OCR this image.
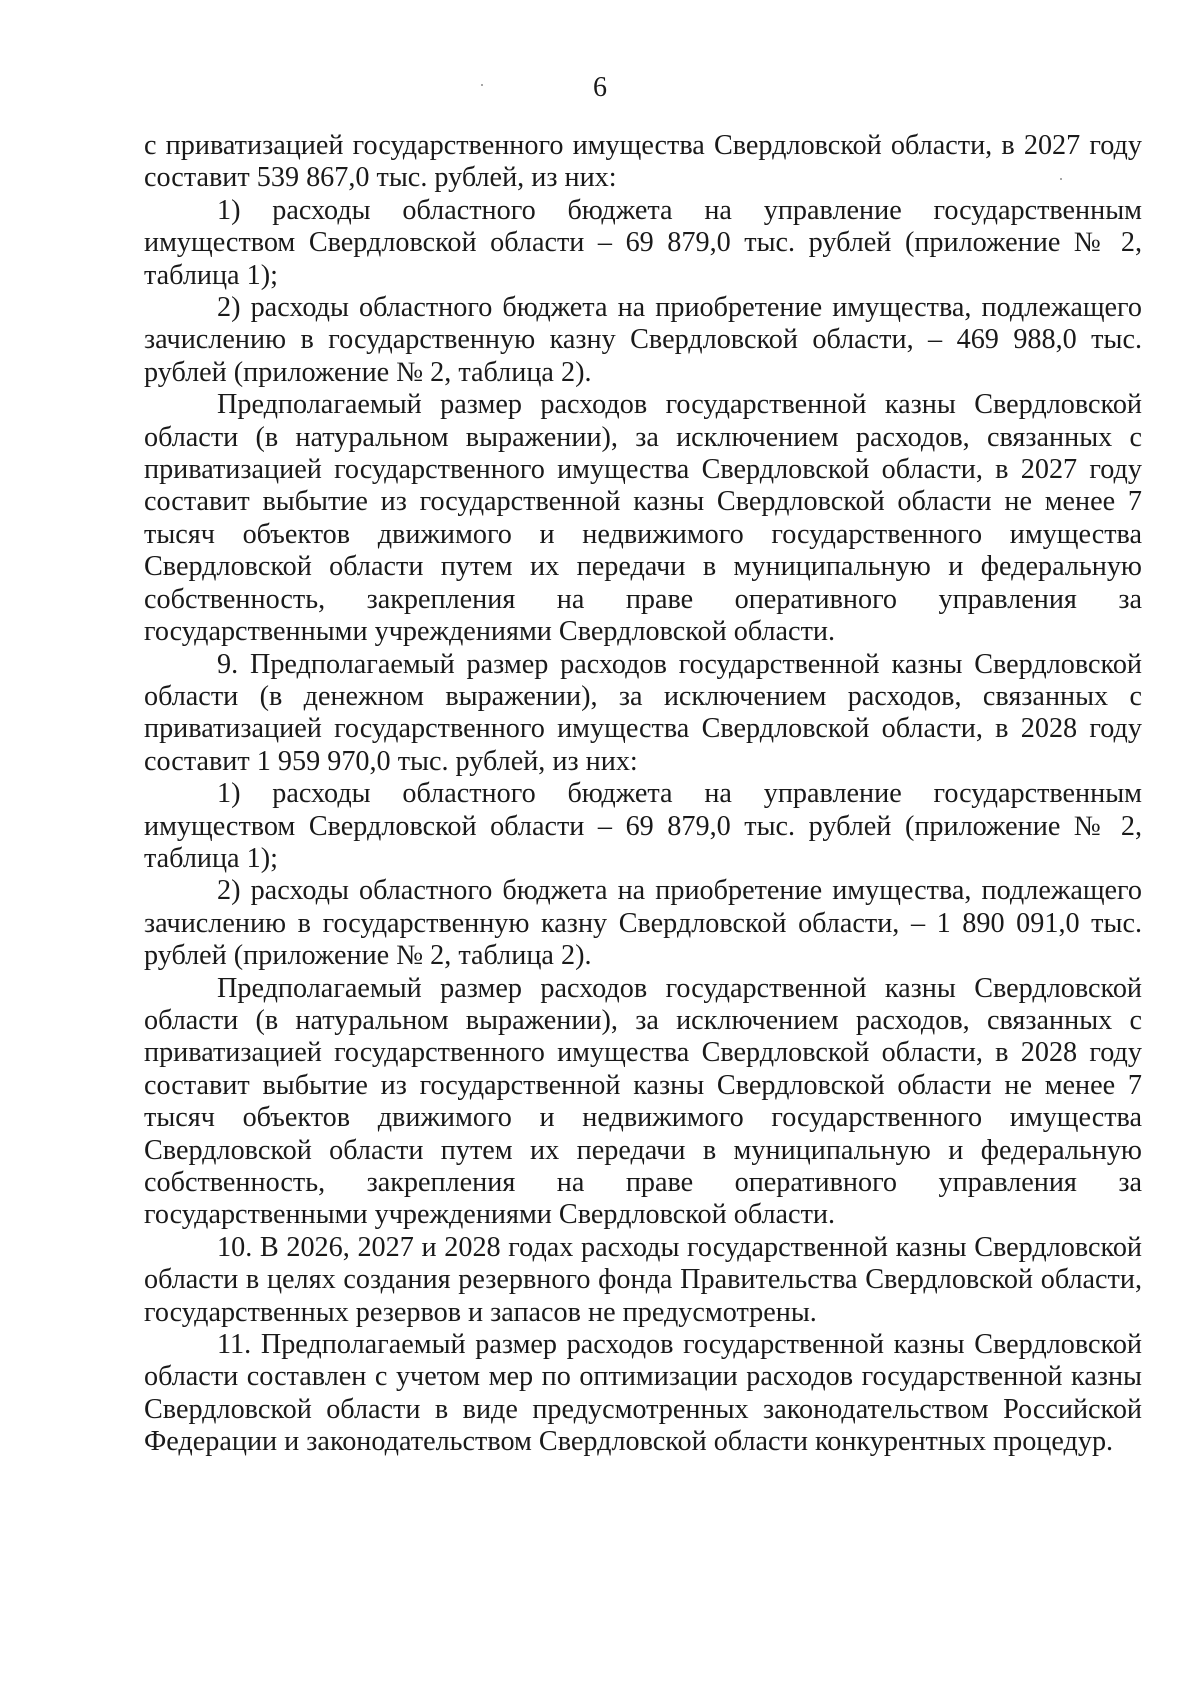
6

с приватизацией государственного имущества Свердловской области, в 2027 году составит 539 867,0 тыс. рублей, из них:

1) расходы областного бюджета на управление государственным имуществом Свердловской области – 69 879,0 тыс. рублей (приложение № 2, таблица 1);

2) расходы областного бюджета на приобретение имущества, подлежащего зачислению в государственную казну Свердловской области, – 469 988,0 тыс. рублей (приложение № 2, таблица 2).

Предполагаемый размер расходов государственной казны Свердловской области (в натуральном выражении), за исключением расходов, связанных с приватизацией государственного имущества Свердловской области, в 2027 году составит выбытие из государственной казны Свердловской области не менее 7 тысяч объектов движимого и недвижимого государственного имущества Свердловской области путем их передачи в муниципальную и федеральную собственность, закрепления на праве оперативного управления за государственными учреждениями Свердловской области.

9. Предполагаемый размер расходов государственной казны Свердловской области (в денежном выражении), за исключением расходов, связанных с приватизацией государственного имущества Свердловской области, в 2028 году составит 1 959 970,0 тыс. рублей, из них:

1) расходы областного бюджета на управление государственным имуществом Свердловской области – 69 879,0 тыс. рублей (приложение № 2, таблица 1);

2) расходы областного бюджета на приобретение имущества, подлежащего зачислению в государственную казну Свердловской области, – 1 890 091,0 тыс. рублей (приложение № 2, таблица 2).

Предполагаемый размер расходов государственной казны Свердловской области (в натуральном выражении), за исключением расходов, связанных с приватизацией государственного имущества Свердловской области, в 2028 году составит выбытие из государственной казны Свердловской области не менее 7 тысяч объектов движимого и недвижимого государственного имущества Свердловской области путем их передачи в муниципальную и федеральную собственность, закрепления на праве оперативного управления за государственными учреждениями Свердловской области.

10. В 2026, 2027 и 2028 годах расходы государственной казны Свердловской области в целях создания резервного фонда Правительства Свердловской области, государственных резервов и запасов не предусмотрены.

11. Предполагаемый размер расходов государственной казны Свердловской области составлен с учетом мер по оптимизации расходов государственной казны Свердловской области в виде предусмотренных законодательством Российской Федерации и законодательством Свердловской области конкурентных процедур.
